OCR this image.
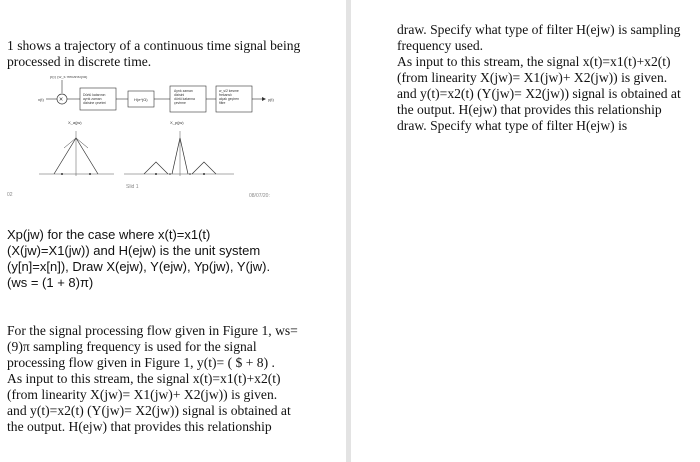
1 shows a trajectory of a continuous time signal being
processed in discrete time.
p(t) (w_s frekansıyla)
x(t) ×
Dürtü katarının
ayrık zaman
dizisine çevrimi
H(e^jΩ)
Ayrık zaman
dizisini
dürtü katarına
çevirme
w_s/2 kesme
frekanslı
alçak geçiren
filtre
y(t)
X_a(jw)	X_p(jw)
02
Slid 1
08/07/20:
Xp(jw) for the case where x(t)=x1(t)
(X(jw)=X1(jw)) and H(ejw) is the unit system
(y[n]=x[n]), Draw X(ejw), Y(ejw), Yp(jw), Y(jw).
(ws = (1 + 8)π)
For the signal processing flow given in Figure 1, ws=
(9)π sampling frequency is used for the signal
processing flow given in Figure 1, y(t)= ( $ + 8) .
As input to this stream, the signal x(t)=x1(t)+x2(t)
(from linearity X(jw)= X1(jw)+ X2(jw)) is given.
and y(t)=x2(t) (Y(jw)= X2(jw)) signal is obtained at
the output. H(ejw) that provides this relationship
draw. Specify what type of filter H(ejw) is sampling
frequency used.
As input to this stream, the signal x(t)=x1(t)+x2(t)
(from linearity X(jw)= X1(jw)+ X2(jw)) is given.
and y(t)=x2(t) (Y(jw)= X2(jw)) signal is obtained at
the output. H(ejw) that provides this relationship
draw. Specify what type of filter H(ejw) is
